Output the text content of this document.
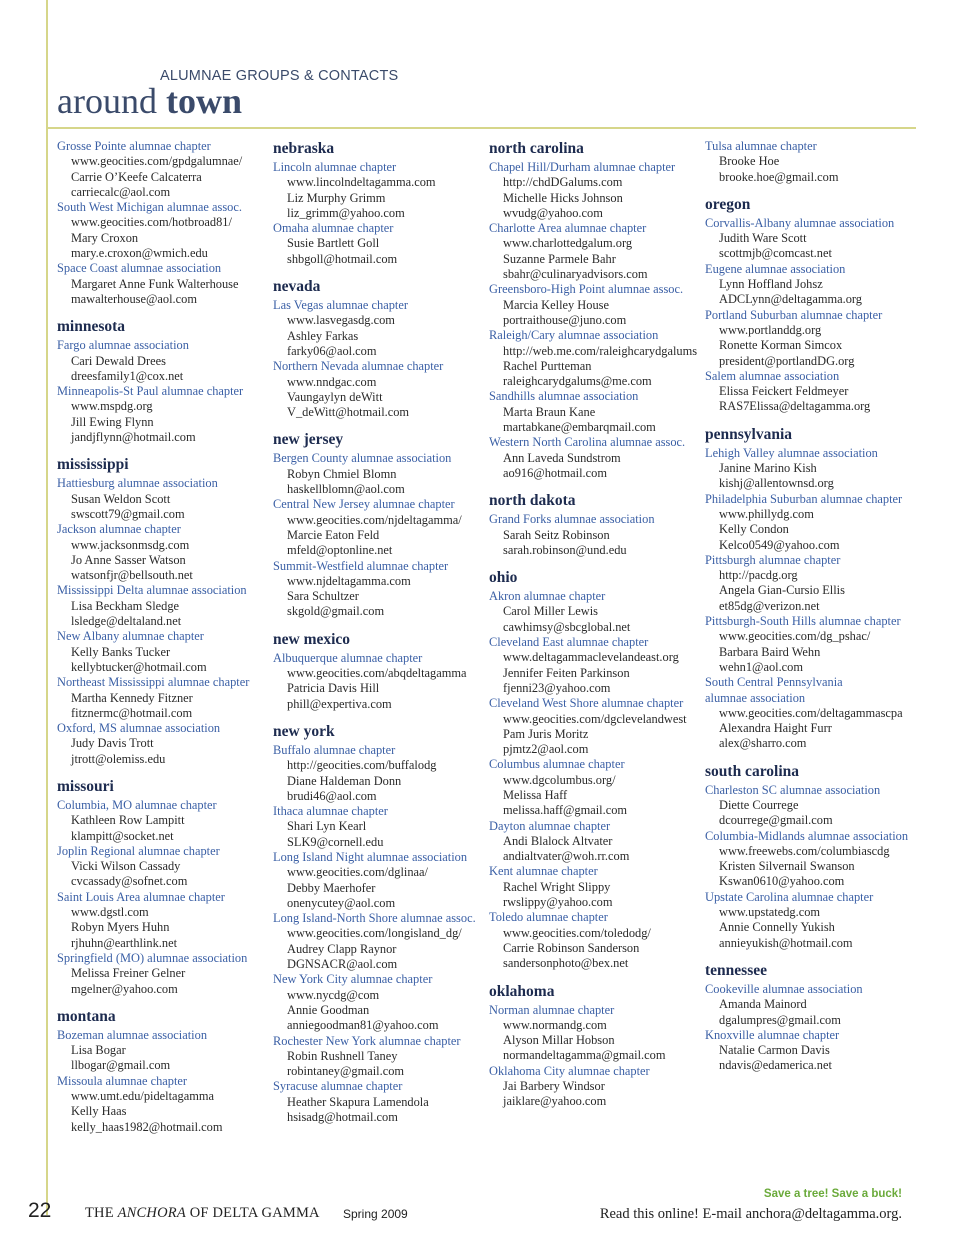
ALUMNAE GROUPS & CONTACTS
around town
Grosse Pointe alumnae chapter
www.geocities.com/gpdgalumnae/
Carrie O’Keefe Calcaterra
carriecalc@aol.com
South West Michigan alumnae assoc.
www.geocities.com/hotbroad81/
Mary Croxon
mary.e.croxon@wmich.edu
Space Coast alumnae association
Margaret Anne Funk Walterhouse
mawalterhouse@aol.com
minnesota
Fargo alumnae association
Cari Dewald Drees
dreesfamily1@cox.net
Minneapolis-St Paul alumnae chapter
www.mspdg.org
Jill Ewing Flynn
jandjflynn@hotmail.com
mississippi
Hattiesburg alumnae association
Susan Weldon Scott
swscott79@gmail.com
Jackson alumnae chapter
www.jacksonmsdg.com
Jo Anne Sasser Watson
watsonfjr@bellsouth.net
Mississippi Delta alumnae association
Lisa Beckham Sledge
lsledge@deltaland.net
New Albany alumnae chapter
Kelly Banks Tucker
kellybtucker@hotmail.com
Northeast Mississippi alumnae chapter
Martha Kennedy Fitzner
fitznermc@hotmail.com
Oxford, MS alumnae association
Judy Davis Trott
jtrott@olemiss.edu
missouri
Columbia, MO alumnae chapter
Kathleen Row Lampitt
klampitt@socket.net
Joplin Regional alumnae chapter
Vicki Wilson Cassady
cvcassady@sofnet.com
Saint Louis Area alumnae chapter
www.dgstl.com
Robyn Myers Huhn
rjhuhn@earthlink.net
Springfield (MO) alumnae association
Melissa Freiner Gelner
mgelner@yahoo.com
montana
Bozeman alumnae association
Lisa Bogar
llbogar@gmail.com
Missoula alumnae chapter
www.umt.edu/pideltagamma
Kelly Haas
kelly_haas1982@hotmail.com
nebraska
Lincoln alumnae chapter
www.lincolndeltagamma.com
Liz Murphy Grimm
liz_grimm@yahoo.com
Omaha alumnae chapter
Susie Bartlett Goll
shbgoll@hotmail.com
nevada
Las Vegas alumnae chapter
www.lasvegasdg.com
Ashley Farkas
farky06@aol.com
Northern Nevada alumnae chapter
www.nndgac.com
Vaungaylyn deWitt
V_deWitt@hotmail.com
new jersey
Bergen County alumnae association
Robyn Chmiel Blomn
haskellblomn@aol.com
Central New Jersey alumnae chapter
www.geocities.com/njdeltagamma/
Marcie Eaton Feld
mfeld@optonline.net
Summit-Westfield alumnae chapter
www.njdeltagamma.com
Sara Schultzer
skgold@gmail.com
new mexico
Albuquerque alumnae chapter
www.geocities.com/abqdeltagamma
Patricia Davis Hill
phill@expertiva.com
new york
Buffalo alumnae chapter
http://geocities.com/buffalodg
Diane Haldeman Donn
brudi46@aol.com
Ithaca alumnae chapter
Shari Lyn Kearl
SLK9@cornell.edu
Long Island Night alumnae association
www.geocities.com/dglinaa/
Debby Maerhofer
onenycutey@aol.com
Long Island-North Shore alumnae assoc.
www.geocities.com/longisland_dg/
Audrey Clapp Raynor
DGNSACR@aol.com
New York City alumnae chapter
www.nycdg@com
Annie Goodman
anniegoodman81@yahoo.com
Rochester New York alumnae chapter
Robin Rushnell Taney
robintaney@gmail.com
Syracuse alumnae chapter
Heather Skapura Lamendola
hsisadg@hotmail.com
north carolina
Chapel Hill/Durham alumnae chapter
http://chdDGalums.com
Michelle Hicks Johnson
wvudg@yahoo.com
Charlotte Area alumnae chapter
www.charlottedgalum.org
Suzanne Parmele Bahr
sbahr@culinaryadvisors.com
Greensboro-High Point alumnae assoc.
Marcia Kelley House
portraithouse@juno.com
Raleigh/Cary alumnae association
http://web.me.com/raleighcarydgalums
Rachel Purtteman
raleighcarydgalums@me.com
Sandhills alumnae association
Marta Braun Kane
martabkane@embarqmail.com
Western North Carolina alumnae assoc.
Ann Laveda Sundstrom
ao916@hotmail.com
north dakota
Grand Forks alumnae association
Sarah Seitz Robinson
sarah.robinson@und.edu
ohio
Akron alumnae chapter
Carol Miller Lewis
cawhimsy@sbcglobal.net
Cleveland East alumnae chapter
www.deltagammaclevelandeast.org
Jennifer Feiten Parkinson
fjenni23@yahoo.com
Cleveland West Shore alumnae chapter
www.geocities.com/dgclevelandwest
Pam Juris Moritz
pjmtz2@aol.com
Columbus alumnae chapter
www.dgcolumbus.org/
Melissa Haff
melissa.haff@gmail.com
Dayton alumnae chapter
Andi Blalock Altvater
andialtvater@woh.rr.com
Kent alumnae chapter
Rachel Wright Slippy
rwslippy@yahoo.com
Toledo alumnae chapter
www.geocities.com/toledodg/
Carrie Robinson Sanderson
sandersonphoto@bex.net
oklahoma
Norman alumnae chapter
www.normandg.com
Alyson Millar Hobson
normandeltagamma@gmail.com
Oklahoma City alumnae chapter
Jai Barbery Windsor
jaiklare@yahoo.com
Tulsa alumnae chapter
Brooke Hoe
brooke.hoe@gmail.com
oregon
Corvallis-Albany alumnae association
Judith Ware Scott
scottmjb@comcast.net
Eugene alumnae association
Lynn Hoffland Johsz
ADCLynn@deltagamma.org
Portland Suburban alumnae chapter
www.portlanddg.org
Ronette Korman Simcox
president@portlandDG.org
Salem alumnae association
Elissa Feickert Feldmeyer
RAS7Elissa@deltagamma.org
pennsylvania
Lehigh Valley alumnae association
Janine Marino Kish
kishj@allentownsd.org
Philadelphia Suburban alumnae chapter
www.phillydg.com
Kelly Condon
Kelco0549@yahoo.com
Pittsburgh alumnae chapter
http://pacdg.org
Angela Gian-Cursio Ellis
et85dg@verizon.net
Pittsburgh-South Hills alumnae chapter
www.geocities.com/dg_pshac/
Barbara Baird Wehn
wehn1@aol.com
South Central Pennsylvania
alumnae association
www.geocities.com/deltagammascpa
Alexandra Haight Furr
alex@sharro.com
south carolina
Charleston SC alumnae association
Diette Courrege
dcourrege@gmail.com
Columbia-Midlands alumnae association
www.freewebs.com/columbiascdg
Kristen Silvernail Swanson
Kswan0610@yahoo.com
Upstate Carolina alumnae chapter
www.upstatedg.com
Annie Connelly Yukish
annieyukish@hotmail.com
tennessee
Cookeville alumnae association
Amanda Mainord
dgalumpres@gmail.com
Knoxville alumnae chapter
Natalie Carmon Davis
ndavis@edamerica.net
22 THE ANCHORA OF DELTA GAMMA Spring 2009
Save a tree! Save a buck!
Read this online! E-mail anchora@deltagamma.org.
